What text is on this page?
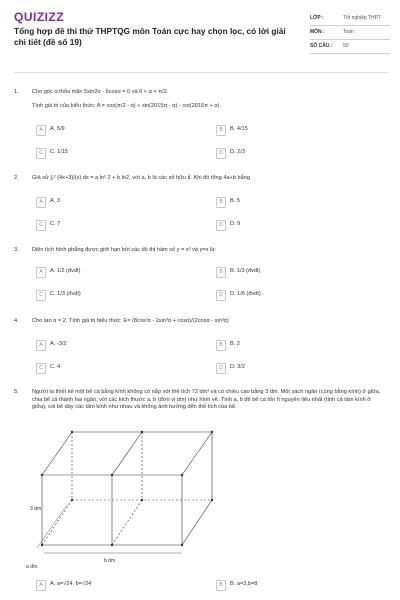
QUIZIZZ
Tổng hợp đề thi thử THPTQG môn Toán cực hay chọn lọc, có lời giải chi tiết (đề số 19)
LỚP :	Tốt nghiệp THPT
MÔN :	Toán
SỐ CÂU :	50
1.	Cho góc α thỏa mãn 5sin2α - 6cosα = 0 và 0 < α < π/2.
Tính giá trị của biểu thức: A = cos(π/2 - α) + sin(2015π - α) - cot(2016π + α).
A	A. 5/9	B	B. 4/15
C	C. 1/15	D	D. 2/3
2.	Giả sử ∫₁² (4x+3)/(x) dx = a ln² 2 + b ln2, với a, b là các số hữu tỉ. Khi đó tổng 4a+b bằng
A	A. 3	B	B. 5
C	C. 7	D	D. 9
3.	Diện tích hình phẳng được giới hạn bởi các đồ thị hàm số y = x² và y=x là:
A	A. 1/2 (đvdt)	B	B. 1/3 (đvdt)
C	C. 1/3 (đvdt)	D	D. 1/6 (đvdt)
4.	Cho tan α = 2. Tính giá trị biểu thức: E= (8cos³α - 2sin³α + cosα)/(2cosα - sin³α)
A	A. -3/2	B	B. 2
C	C. 4	D	D. 3/2
5.	Người ta thiết kế một bể cá bằng kính không có nắp với thể tích 72 dm³ và có chiều cao bằng 3 dm. Một vách ngăn (cùng bằng kính) ở giữa, chia bể cá thành hai ngăn, với các kích thước a, b (đơn vị dm) như hình vẽ. Tính a, b để bể cá tốn ít nguyên liệu nhất (tính cả tấm kính ở giữa), coi bề dày các tấm kính như nhau và không ảnh hưởng đến thể tích của bể.
3 dm
b dm
a dm
A	A. a=√24, b=√24	B	B. a=3,b=8
